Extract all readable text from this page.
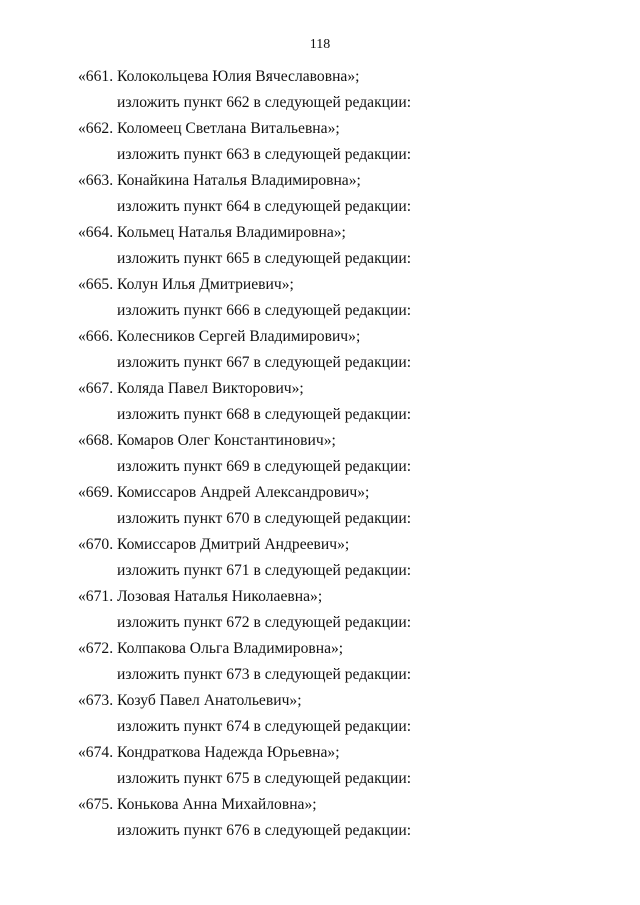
118
«661. Колокольцева Юлия Вячеславовна»;
изложить пункт 662 в следующей редакции:
«662. Коломеец Светлана Витальевна»;
изложить пункт 663 в следующей редакции:
«663. Конайкина Наталья Владимировна»;
изложить пункт 664 в следующей редакции:
«664. Кольмец Наталья Владимировна»;
изложить пункт 665 в следующей редакции:
«665. Колун Илья Дмитриевич»;
изложить пункт 666 в следующей редакции:
«666. Колесников Сергей Владимирович»;
изложить пункт 667 в следующей редакции:
«667. Коляда Павел Викторович»;
изложить пункт 668 в следующей редакции:
«668. Комаров Олег Константинович»;
изложить пункт 669 в следующей редакции:
«669. Комиссаров Андрей Александрович»;
изложить пункт 670 в следующей редакции:
«670. Комиссаров Дмитрий Андреевич»;
изложить пункт 671 в следующей редакции:
«671. Лозовая Наталья Николаевна»;
изложить пункт 672 в следующей редакции:
«672. Колпакова Ольга Владимировна»;
изложить пункт 673 в следующей редакции:
«673. Козуб Павел Анатольевич»;
изложить пункт 674 в следующей редакции:
«674. Кондраткова Надежда Юрьевна»;
изложить пункт 675 в следующей редакции:
«675. Конькова Анна Михайловна»;
изложить пункт 676 в следующей редакции:
